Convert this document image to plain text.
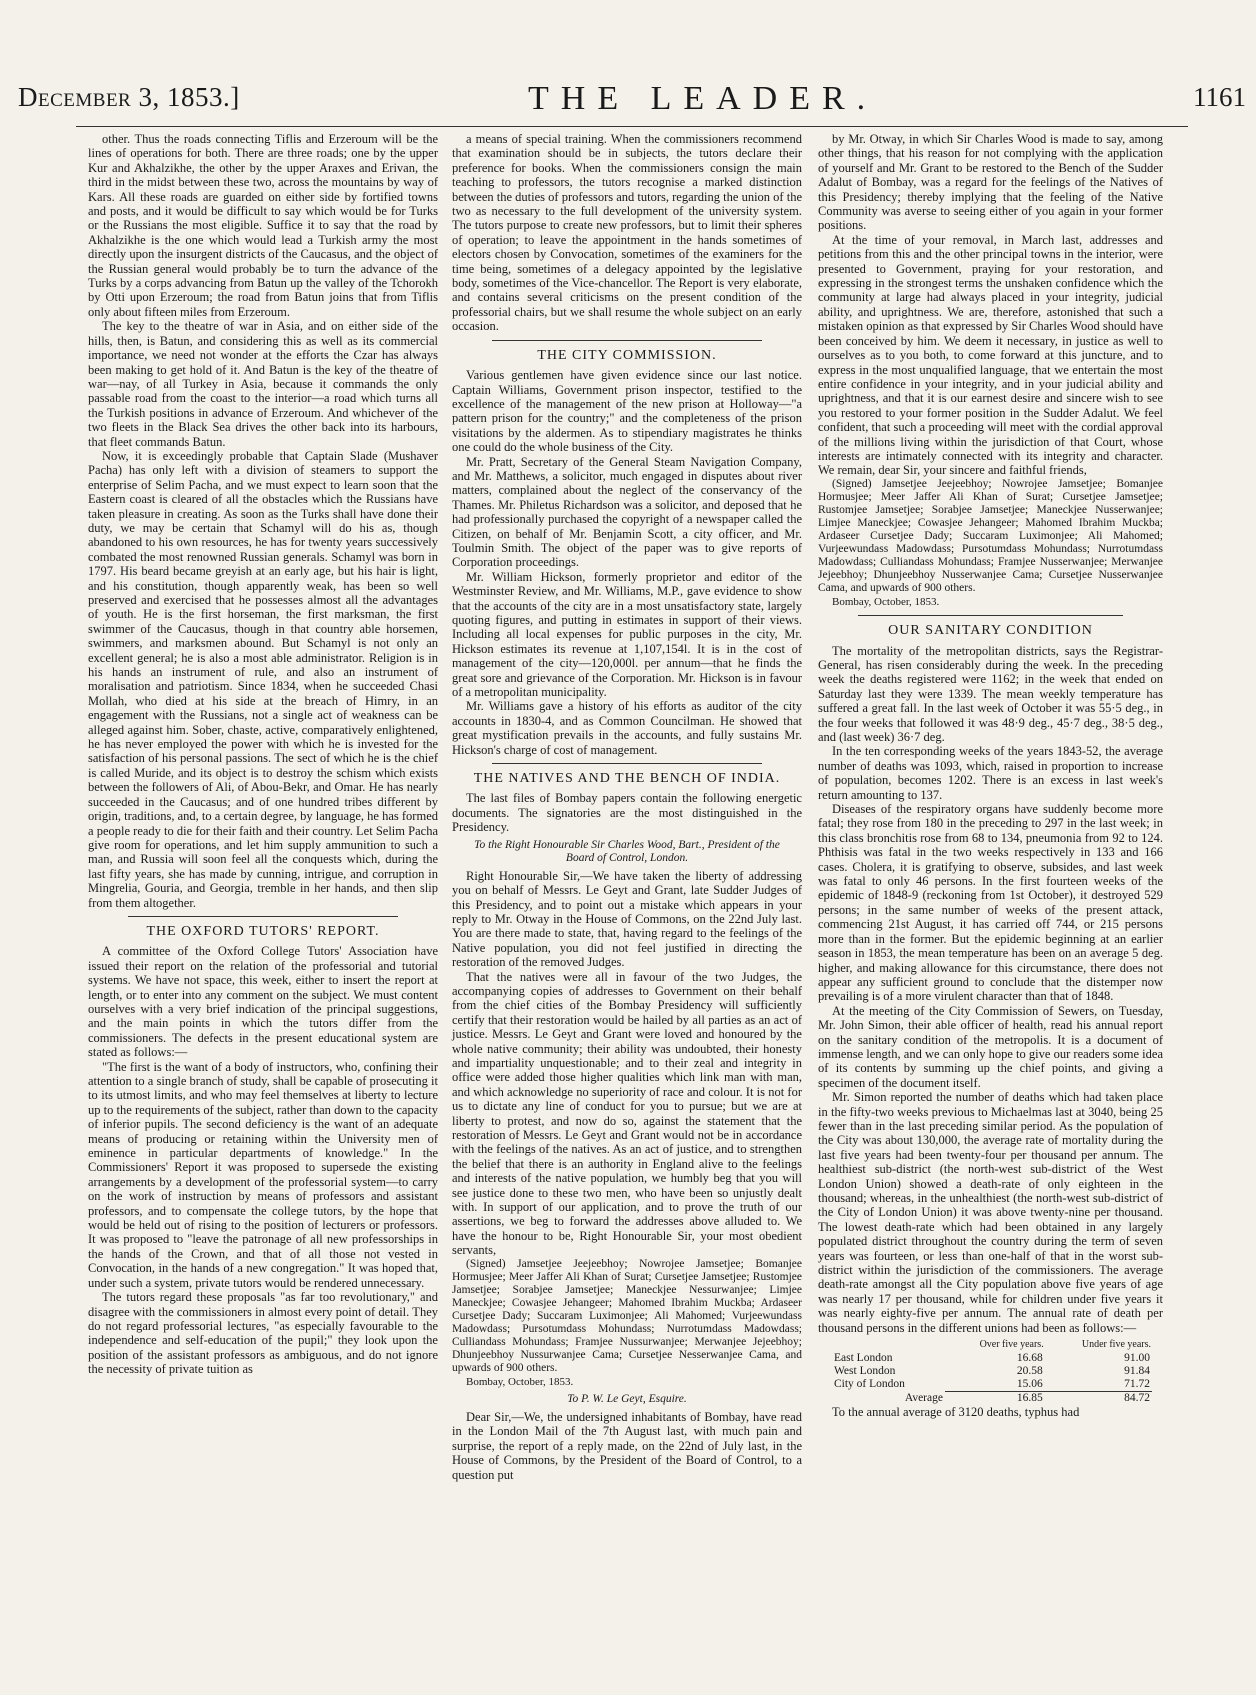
December 3, 1853.]	THE LEADER.	1161

other. Thus the roads connecting Tiflis and Erzeroum will be the lines of operations for both. There are three roads; one by the upper Kur and Akhalzikhe, the other by the upper Araxes and Erivan, the third in the midst between these two, across the mountains by way of Kars. All these roads are guarded on either side by fortified towns and posts, and it would be difficult to say which would be for Turks or the Russians the most eligible. Suffice it to say that the road by Akhalzikhe is the one which would lead a Turkish army the most directly upon the insurgent districts of the Caucasus, and the object of the Russian general would probably be to turn the advance of the Turks by a corps advancing from Batun up the valley of the Tchorokh by Otti upon Erzeroum; the road from Batun joins that from Tiflis only about fifteen miles from Erzeroum.

The key to the theatre of war in Asia, and on either side of the hills, then, is Batun, and considering this as well as its commercial importance, we need not wonder at the efforts the Czar has always been making to get hold of it. And Batun is the key of the theatre of war—nay, of all Turkey in Asia, because it commands the only passable road from the coast to the interior—a road which turns all the Turkish positions in advance of Erzeroum. And whichever of the two fleets in the Black Sea drives the other back into its harbours, that fleet commands Batun.

Now, it is exceedingly probable that Captain Slade (Mushaver Pacha) has only left with a division of steamers to support the enterprise of Selim Pacha, and we must expect to learn soon that the Eastern coast is cleared of all the obstacles which the Russians have taken pleasure in creating. As soon as the Turks shall have done their duty, we may be certain that Schamyl will do his as, though abandoned to his own resources, he has for twenty years successively combated the most renowned Russian generals. Schamyl was born in 1797. His beard became greyish at an early age, but his hair is light, and his constitution, though apparently weak, has been so well preserved and exercised that he possesses almost all the advantages of youth. He is the first horseman, the first marksman, the first swimmer of the Caucasus, though in that country able horsemen, swimmers, and marksmen abound. But Schamyl is not only an excellent general; he is also a most able administrator. Religion is in his hands an instrument of rule, and also an instrument of moralisation and patriotism. Since 1834, when he succeeded Chasi Mollah, who died at his side at the breach of Himry, in an engagement with the Russians, not a single act of weakness can be alleged against him. Sober, chaste, active, comparatively enlightened, he has never employed the power with which he is invested for the satisfaction of his personal passions. The sect of which he is the chief is called Muride, and its object is to destroy the schism which exists between the followers of Ali, of Abou-Bekr, and Omar. He has nearly succeeded in the Caucasus; and of one hundred tribes different by origin, traditions, and, to a certain degree, by language, he has formed a people ready to die for their faith and their country. Let Selim Pacha give room for operations, and let him supply ammunition to such a man, and Russia will soon feel all the conquests which, during the last fifty years, she has made by cunning, intrigue, and corruption in Mingrelia, Gouria, and Georgia, tremble in her hands, and then slip from them altogether.

THE OXFORD TUTORS' REPORT.

A committee of the Oxford College Tutors' Association have issued their report on the relation of the professorial and tutorial systems. We have not space, this week, either to insert the report at length, or to enter into any comment on the subject. We must content ourselves with a very brief indication of the principal suggestions, and the main points in which the tutors differ from the commissioners. The defects in the present educational system are stated as follows:—

"The first is the want of a body of instructors, who, confining their attention to a single branch of study, shall be capable of prosecuting it to its utmost limits, and who may feel themselves at liberty to lecture up to the requirements of the subject, rather than down to the capacity of inferior pupils. The second deficiency is the want of an adequate means of producing or retaining within the University men of eminence in particular departments of knowledge." In the Commissioners' Report it was proposed to supersede the existing arrangements by a development of the professorial system—to carry on the work of instruction by means of professors and assistant professors, and to compensate the college tutors, by the hope that would be held out of rising to the position of lecturers or professors. It was proposed to "leave the patronage of all new professorships in the hands of the Crown, and that of all those not vested in Convocation, in the hands of a new congregation." It was hoped that, under such a system, private tutors would be rendered unnecessary.

The tutors regard these proposals "as far too revolutionary," and disagree with the commissioners in almost every point of detail. They do not regard professorial lectures, "as especially favourable to the independence and self-education of the pupil;" they look upon the position of the assistant professors as ambiguous, and do not ignore the necessity of private tuition as

a means of special training. When the commissioners recommend that examination should be in subjects, the tutors declare their preference for books. When the commissioners consign the main teaching to professors, the tutors recognise a marked distinction between the duties of professors and tutors, regarding the union of the two as necessary to the full development of the university system. The tutors purpose to create new professors, but to limit their spheres of operation; to leave the appointment in the hands sometimes of electors chosen by Convocation, sometimes of the examiners for the time being, sometimes of a delegacy appointed by the legislative body, sometimes of the Vice-chancellor. The Report is very elaborate, and contains several criticisms on the present condition of the professorial chairs, but we shall resume the whole subject on an early occasion.

THE CITY COMMISSION.

Various gentlemen have given evidence since our last notice. Captain Williams, Government prison inspector, testified to the excellence of the management of the new prison at Holloway—"a pattern prison for the country;" and the completeness of the prison visitations by the aldermen. As to stipendiary magistrates he thinks one could do the whole business of the City.

Mr. Pratt, Secretary of the General Steam Navigation Company, and Mr. Matthews, a solicitor, much engaged in disputes about river matters, complained about the neglect of the conservancy of the Thames. Mr. Philetus Richardson was a solicitor, and deposed that he had professionally purchased the copyright of a newspaper called the Citizen, on behalf of Mr. Benjamin Scott, a city officer, and Mr. Toulmin Smith. The object of the paper was to give reports of Corporation proceedings.

Mr. William Hickson, formerly proprietor and editor of the Westminster Review, and Mr. Williams, M.P., gave evidence to show that the accounts of the city are in a most unsatisfactory state, largely quoting figures, and putting in estimates in support of their views. Including all local expenses for public purposes in the city, Mr. Hickson estimates its revenue at 1,107,154l. It is in the cost of management of the city—120,000l. per annum—that he finds the great sore and grievance of the Corporation. Mr. Hickson is in favour of a metropolitan municipality.

Mr. Williams gave a history of his efforts as auditor of the city accounts in 1830-4, and as Common Councilman. He showed that great mystification prevails in the accounts, and fully sustains Mr. Hickson's charge of cost of management.

THE NATIVES AND THE BENCH OF INDIA.

The last files of Bombay papers contain the following energetic documents. The signatories are the most distinguished in the Presidency.

To the Right Honourable Sir Charles Wood, Bart., President of the Board of Control, London.

Right Honourable Sir,—We have taken the liberty of addressing you on behalf of Messrs. Le Geyt and Grant, late Sudder Judges of this Presidency, and to point out a mistake which appears in your reply to Mr. Otway in the House of Commons, on the 22nd July last. You are there made to state, that, having regard to the feelings of the Native population, you did not feel justified in directing the restoration of the removed Judges.

That the natives were all in favour of the two Judges, the accompanying copies of addresses to Government on their behalf from the chief cities of the Bombay Presidency will sufficiently certify that their restoration would be hailed by all parties as an act of justice. Messrs. Le Geyt and Grant were loved and honoured by the whole native community; their ability was undoubted, their honesty and impartiality unquestionable; and to their zeal and integrity in office were added those higher qualities which link man with man, and which acknowledge no superiority of race and colour. It is not for us to dictate any line of conduct for you to pursue; but we are at liberty to protest, and now do so, against the statement that the restoration of Messrs. Le Geyt and Grant would not be in accordance with the feelings of the natives. As an act of justice, and to strengthen the belief that there is an authority in England alive to the feelings and interests of the native population, we humbly beg that you will see justice done to these two men, who have been so unjustly dealt with. In support of our application, and to prove the truth of our assertions, we beg to forward the addresses above alluded to. We have the honour to be, Right Honourable Sir, your most obedient servants,

(Signed) Jamsetjee Jeejeebhoy; Nowrojee Jamsetjee; Bomanjee Hormusjee; Meer Jaffer Ali Khan of Surat; Cursetjee Jamsetjee; Rustomjee Jamsetjee; Sorabjee Jamsetjee; Maneckjee Nessurwanjee; Limjee Maneckjee; Cowasjee Jehangeer; Mahomed Ibrahim Muckba; Ardaseer Cursetjee Dady; Succaram Luximonjee; Ali Mahomed; Vurjeewundass Madowdass; Pursotumdass Mohundass; Nurrotumdass Madowdass; Culliandass Mohundass; Framjee Nussurwanjee; Merwanjee Jejeebhoy; Dhunjeebhoy Nussurwanjee Cama; Cursetjee Nesserwanjee Cama, and upwards of 900 others.

Bombay, October, 1853.

To P. W. Le Geyt, Esquire.

Dear Sir,—We, the undersigned inhabitants of Bombay, have read in the London Mail of the 7th August last, with much pain and surprise, the report of a reply made, on the 22nd of July last, in the House of Commons, by the President of the Board of Control, to a question put

by Mr. Otway, in which Sir Charles Wood is made to say, among other things, that his reason for not complying with the application of yourself and Mr. Grant to be restored to the Bench of the Sudder Adalut of Bombay, was a regard for the feelings of the Natives of this Presidency; thereby implying that the feeling of the Native Community was averse to seeing either of you again in your former positions.

At the time of your removal, in March last, addresses and petitions from this and the other principal towns in the interior, were presented to Government, praying for your restoration, and expressing in the strongest terms the unshaken confidence which the community at large had always placed in your integrity, judicial ability, and uprightness. We are, therefore, astonished that such a mistaken opinion as that expressed by Sir Charles Wood should have been conceived by him. We deem it necessary, in justice as well to ourselves as to you both, to come forward at this juncture, and to express in the most unqualified language, that we entertain the most entire confidence in your integrity, and in your judicial ability and uprightness, and that it is our earnest desire and sincere wish to see you restored to your former position in the Sudder Adalut. We feel confident, that such a proceeding will meet with the cordial approval of the millions living within the jurisdiction of that Court, whose interests are intimately connected with its integrity and character. We remain, dear Sir, your sincere and faithful friends,

(Signed) Jamsetjee Jeejeebhoy; Nowrojee Jamsetjee; Bomanjee Hormusjee; Meer Jaffer Ali Khan of Surat; Cursetjee Jamsetjee; Rustomjee Jamsetjee; Sorabjee Jamsetjee; Maneckjee Nusserwanjee; Limjee Maneckjee; Cowasjee Jehangeer; Mahomed Ibrahim Muckba; Ardaseer Cursetjee Dady; Succaram Luximonjee; Ali Mahomed; Vurjeewundass Madowdass; Pursotumdass Mohundass; Nurrotumdass Madowdass; Culliandass Mohundass; Framjee Nusserwanjee; Merwanjee Jejeebhoy; Dhunjeebhoy Nusserwanjee Cama; Cursetjee Nusserwanjee Cama, and upwards of 900 others.

Bombay, October, 1853.

OUR SANITARY CONDITION

The mortality of the metropolitan districts, says the Registrar-General, has risen considerably during the week. In the preceding week the deaths registered were 1162; in the week that ended on Saturday last they were 1339. The mean weekly temperature has suffered a great fall. In the last week of October it was 55·5 deg., in the four weeks that followed it was 48·9 deg., 45·7 deg., 38·5 deg., and (last week) 36·7 deg.

In the ten corresponding weeks of the years 1843-52, the average number of deaths was 1093, which, raised in proportion to increase of population, becomes 1202. There is an excess in last week's return amounting to 137.

Diseases of the respiratory organs have suddenly become more fatal; they rose from 180 in the preceding to 297 in the last week; in this class bronchitis rose from 68 to 134, pneumonia from 92 to 124. Phthisis was fatal in the two weeks respectively in 133 and 166 cases. Cholera, it is gratifying to observe, subsides, and last week was fatal to only 46 persons. In the first fourteen weeks of the epidemic of 1848-9 (reckoning from 1st October), it destroyed 529 persons; in the same number of weeks of the present attack, commencing 21st August, it has carried off 744, or 215 persons more than in the former. But the epidemic beginning at an earlier season in 1853, the mean temperature has been on an average 5 deg. higher, and making allowance for this circumstance, there does not appear any sufficient ground to conclude that the distemper now prevailing is of a more virulent character than that of 1848.

At the meeting of the City Commission of Sewers, on Tuesday, Mr. John Simon, their able officer of health, read his annual report on the sanitary condition of the metropolis. It is a document of immense length, and we can only hope to give our readers some idea of its contents by summing up the chief points, and giving a specimen of the document itself.

Mr. Simon reported the number of deaths which had taken place in the fifty-two weeks previous to Michaelmas last at 3040, being 25 fewer than in the last preceding similar period. As the population of the City was about 130,000, the average rate of mortality during the last five years had been twenty-four per thousand per annum. The healthiest sub-district (the north-west sub-district of the West London Union) showed a death-rate of only eighteen in the thousand; whereas, in the unhealthiest (the north-west sub-district of the City of London Union) it was above twenty-nine per thousand. The lowest death-rate which had been obtained in any largely populated district throughout the country during the term of seven years was fourteen, or less than one-half of that in the worst sub-district within the jurisdiction of the commissioners. The average death-rate amongst all the City population above five years of age was nearly 17 per thousand, while for children under five years it was nearly eighty-five per annum. The annual rate of death per thousand persons in the different unions had been as follows:—

	Over five years.	Under five years.
East London	16.68	91.00
West London	20.58	91.84
City of London	15.06	71.72
Average	16.85	84.72

To the annual average of 3120 deaths, typhus had
